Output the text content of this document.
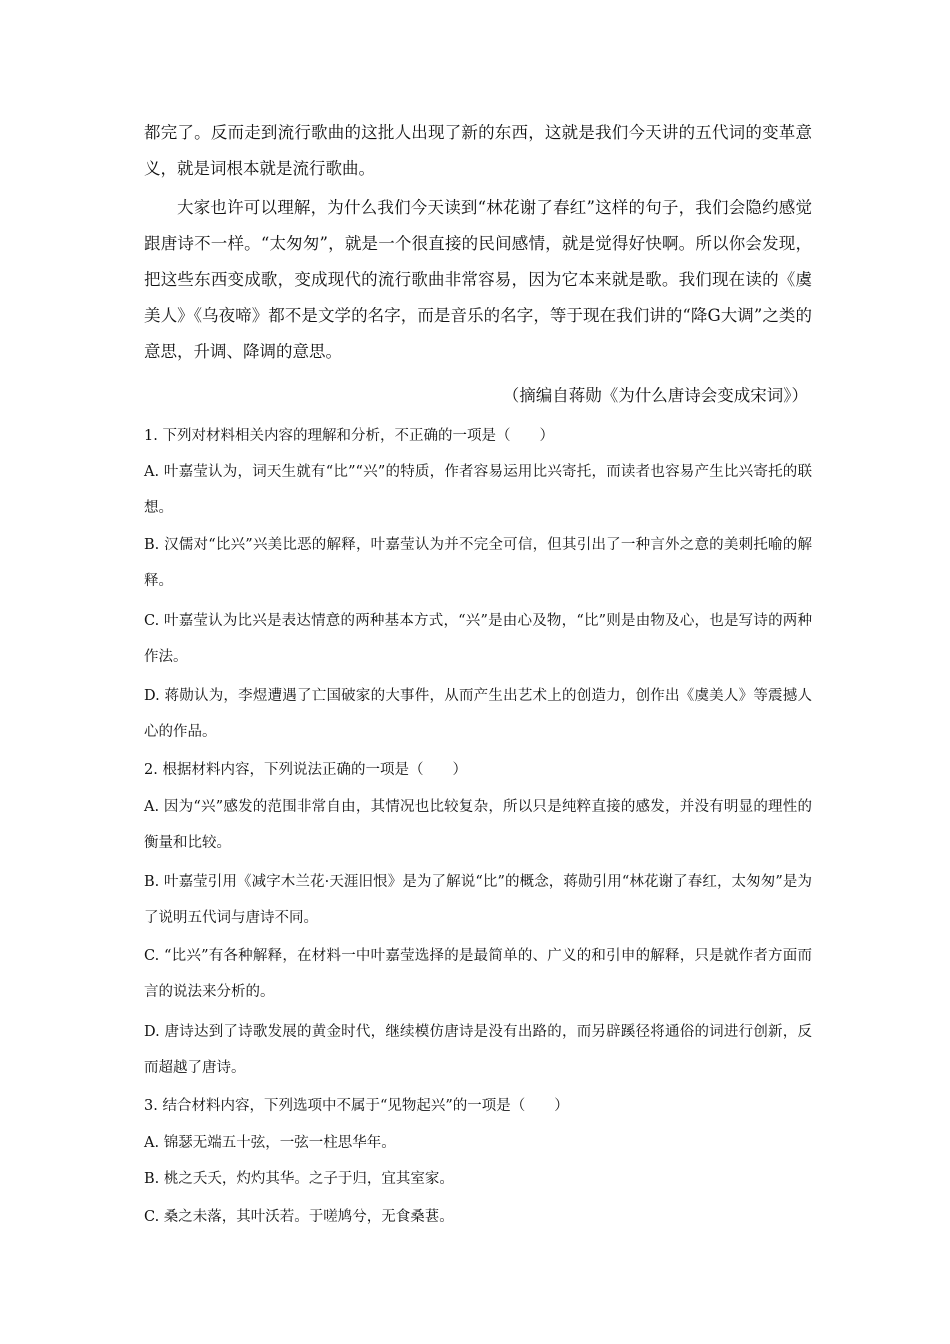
都完了。反而走到流行歌曲的这批人出现了新的东西，这就是我们今天讲的五代词的变革意义，就是词根本就是流行歌曲。

大家也许可以理解，为什么我们今天读到“林花谢了春红”这样的句子，我们会隐约感觉跟唐诗不一样。“太匆匆”，就是一个很直接的民间感情，就是觉得好快啊。所以你会发现，把这些东西变成歌，变成现代的流行歌曲非常容易，因为它本来就是歌。我们现在读的《虞美人》《乌夜啼》都不是文学的名字，而是音乐的名字，等于现在我们讲的“降G大调”之类的意思，升调、降调的意思。

（摘编自蒋勋《为什么唐诗会变成宋词》）

1. 下列对材料相关内容的理解和分析，不正确的一项是（　　）

A. 叶嘉莹认为，词天生就有“比”“兴”的特质，作者容易运用比兴寄托，而读者也容易产生比兴寄托的联想。

B. 汉儒对“比兴”兴美比恶的解释，叶嘉莹认为并不完全可信，但其引出了一种言外之意的美刺托喻的解释。

C. 叶嘉莹认为比兴是表达情意的两种基本方式，“兴”是由心及物，“比”则是由物及心，也是写诗的两种作法。

D. 蒋勋认为，李煜遭遇了亡国破家的大事件，从而产生出艺术上的创造力，创作出《虞美人》等震撼人心的作品。

2. 根据材料内容，下列说法正确的一项是（　　）

A. 因为“兴”感发的范围非常自由，其情况也比较复杂，所以只是纯粹直接的感发，并没有明显的理性的衡量和比较。

B. 叶嘉莹引用《减字木兰花·天涯旧恨》是为了解说“比”的概念，蒋勋引用“林花谢了春红，太匆匆”是为了说明五代词与唐诗不同。

C. “比兴”有各种解释，在材料一中叶嘉莹选择的是最简单的、广义的和引申的解释，只是就作者方面而言的说法来分析的。

D. 唐诗达到了诗歌发展的黄金时代，继续模仿唐诗是没有出路的，而另辟蹊径将通俗的词进行创新，反而超越了唐诗。

3. 结合材料内容，下列选项中不属于“见物起兴”的一项是（　　）

A. 锦瑟无端五十弦，一弦一柱思华年。

B. 桃之夭夭，灼灼其华。之子于归，宜其室家。

C. 桑之未落，其叶沃若。于嗟鸠兮，无食桑葚。
